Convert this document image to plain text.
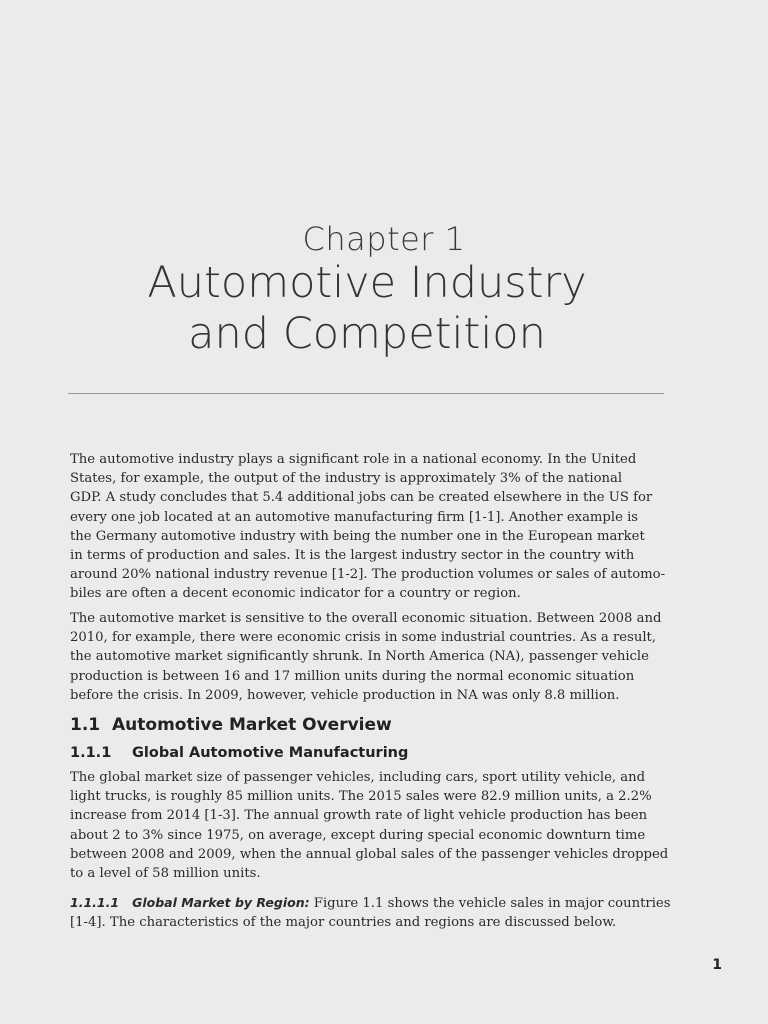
Chapter 1
Automotive Industry
and Competition
The automotive industry plays a significant role in a national economy. In the United
States, for example, the output of the industry is approximately 3% of the national
GDP. A study concludes that 5.4 additional jobs can be created elsewhere in the US for
every one job located at an automotive manufacturing firm [1-1]. Another example is
the Germany automotive industry with being the number one in the European market
in terms of production and sales. It is the largest industry sector in the country with
around 20% national industry revenue [1-2]. The production volumes or sales of automo-
biles are often a decent economic indicator for a country or region.
The automotive market is sensitive to the overall economic situation. Between 2008 and
2010, for example, there were economic crisis in some industrial countries. As a result,
the automotive market significantly shrunk. In North America (NA), passenger vehicle
production is between 16 and 17 million units during the normal economic situation
before the crisis. In 2009, however, vehicle production in NA was only 8.8 million.
1.1 Automotive Market Overview
1.1.1 Global Automotive Manufacturing
The global market size of passenger vehicles, including cars, sport utility vehicle, and
light trucks, is roughly 85 million units. The 2015 sales were 82.9 million units, a 2.2%
increase from 2014 [1-3]. The annual growth rate of light vehicle production has been
about 2 to 3% since 1975, on average, except during special economic downturn time
between 2008 and 2009, when the annual global sales of the passenger vehicles dropped
to a level of 58 million units.
1.1.1.1   Global Market by Region: Figure 1.1 shows the vehicle sales in major countries
[1-4]. The characteristics of the major countries and regions are discussed below.
1
